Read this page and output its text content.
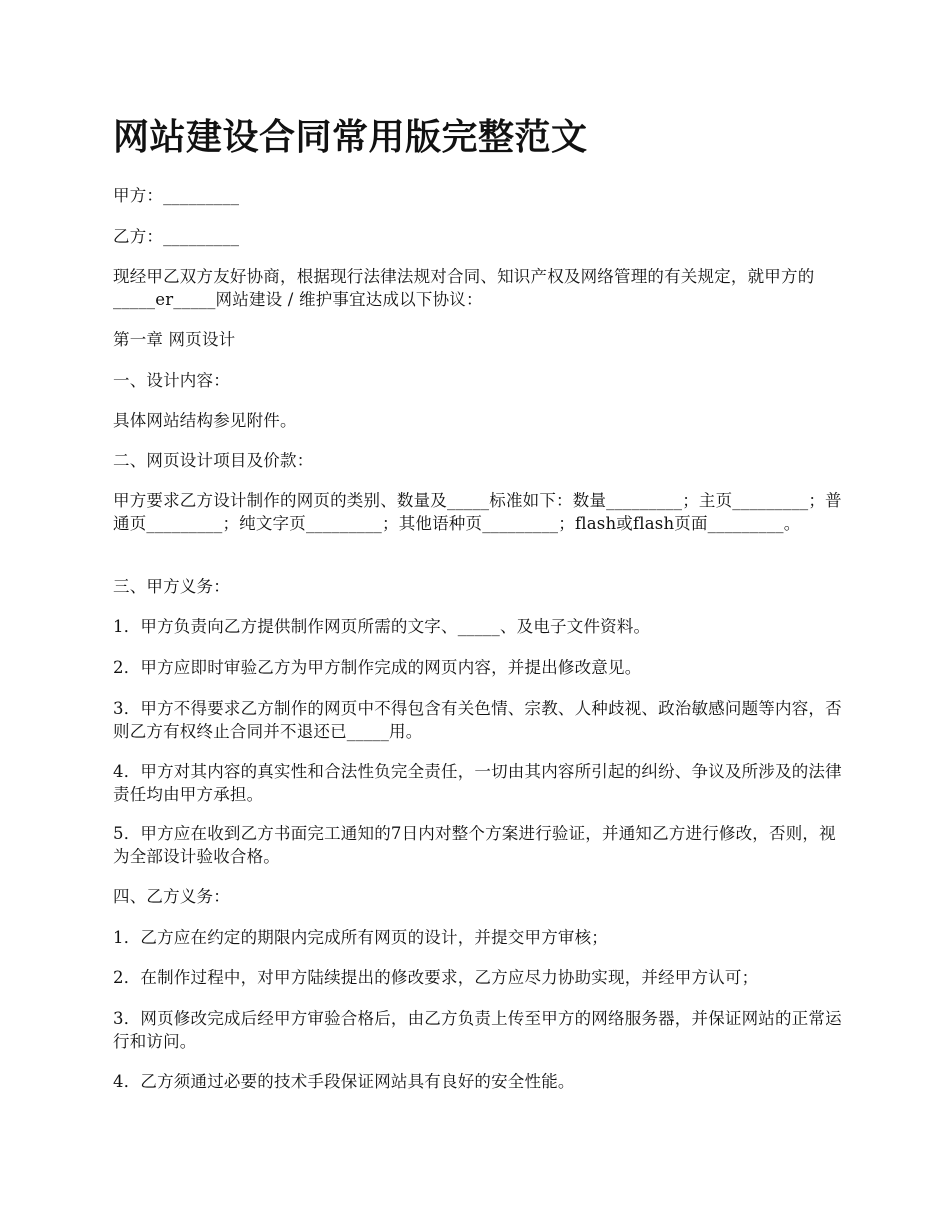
网站建设合同常用版完整范文

甲方：_________

乙方：_________

现经甲乙双方友好协商，根据现行法律法规对合同、知识产权及网络管理的有关规定，就甲方的_____er_____网站建设 / 维护事宜达成以下协议：

第一章 网页设计

一、设计内容：

具体网站结构参见附件。

二、网页设计项目及价款：

甲方要求乙方设计制作的网页的类别、数量及_____标准如下：数量_________；主页_________；普通页_________；纯文字页_________；其他语种页_________；flash或flash页面_________。

三、甲方义务：

1．甲方负责向乙方提供制作网页所需的文字、_____、及电子文件资料。

2．甲方应即时审验乙方为甲方制作完成的网页内容，并提出修改意见。

3．甲方不得要求乙方制作的网页中不得包含有关色情、宗教、人种歧视、政治敏感问题等内容，否则乙方有权终止合同并不退还已_____用。

4．甲方对其内容的真实性和合法性负完全责任，一切由其内容所引起的纠纷、争议及所涉及的法律责任均由甲方承担。

5．甲方应在收到乙方书面完工通知的7日内对整个方案进行验证，并通知乙方进行修改，否则，视为全部设计验收合格。

四、乙方义务：

1．乙方应在约定的期限内完成所有网页的设计，并提交甲方审核；

2．在制作过程中，对甲方陆续提出的修改要求，乙方应尽力协助实现，并经甲方认可；

3．网页修改完成后经甲方审验合格后，由乙方负责上传至甲方的网络服务器，并保证网站的正常运行和访问。

4．乙方须通过必要的技术手段保证网站具有良好的安全性能。
